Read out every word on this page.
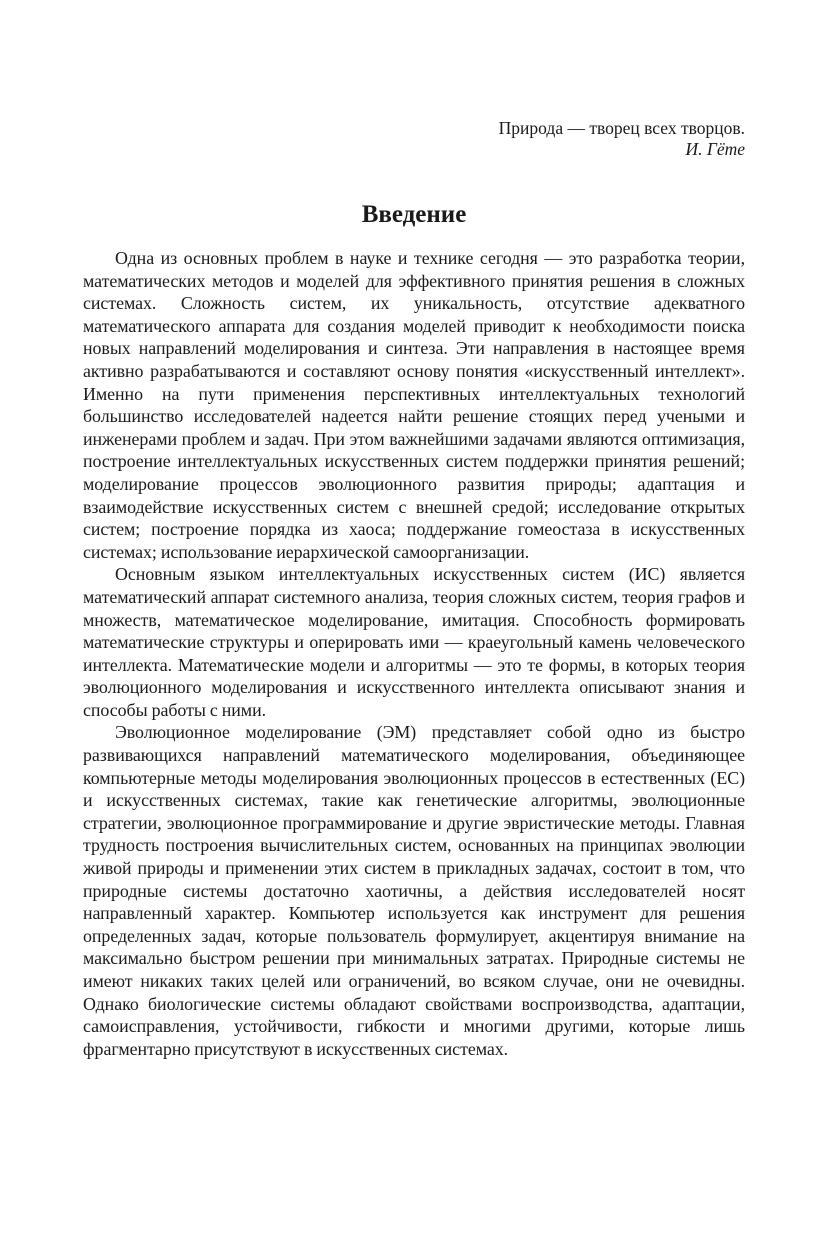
Природа — творец всех творцов.
И. Гёте
Введение

Одна из основных проблем в науке и технике сегодня — это разработка теории, математических методов и моделей для эффективного принятия решения в сложных системах. Сложность систем, их уникальность, отсутствие адекватного математического аппарата для создания моделей приводит к необходимости поиска новых направлений моделирования и синтеза. Эти направления в настоящее время активно разрабатываются и составляют основу понятия «искусственный интеллект». Именно на пути применения перспективных интеллектуальных технологий большинство исследователей надеется найти решение стоящих перед учеными и инженерами проблем и задач. При этом важнейшими задачами являются оптимизация, построение интеллектуальных искусственных систем поддержки принятия решений; моделирование процессов эволюционного развития природы; адаптация и взаимодействие искусственных систем с внешней средой; исследование открытых систем; построение порядка из хаоса; поддержание гомеостаза в искусственных системах; использование иерархической самоорганизации.

Основным языком интеллектуальных искусственных систем (ИС) является математический аппарат системного анализа, теория сложных систем, теория графов и множеств, математическое моделирование, имитация. Способность формировать математические структуры и оперировать ими — краеугольный камень человеческого интеллекта. Математические модели и алгоритмы — это те формы, в которых теория эволюционного моделирования и искусственного интеллекта описывают знания и способы работы с ними.

Эволюционное моделирование (ЭМ) представляет собой одно из быстро развивающихся направлений математического моделирования, объединяющее компьютерные методы моделирования эволюционных процессов в естественных (ЕС) и искусственных системах, такие как генетические алгоритмы, эволюционные стратегии, эволюционное программирование и другие эвристические методы. Главная трудность построения вычислительных систем, основанных на принципах эволюции живой природы и применении этих систем в прикладных задачах, состоит в том, что природные системы достаточно хаотичны, а действия исследователей носят направленный характер. Компьютер используется как инструмент для решения определенных задач, которые пользователь формулирует, акцентируя внимание на максимально быстром решении при минимальных затратах. Природные системы не имеют никаких таких целей или ограничений, во всяком случае, они не очевидны. Однако биологические системы обладают свойствами воспроизводства, адаптации, самоисправления, устойчивости, гибкости и многими другими, которые лишь фрагментарно присутствуют в искусственных системах.
